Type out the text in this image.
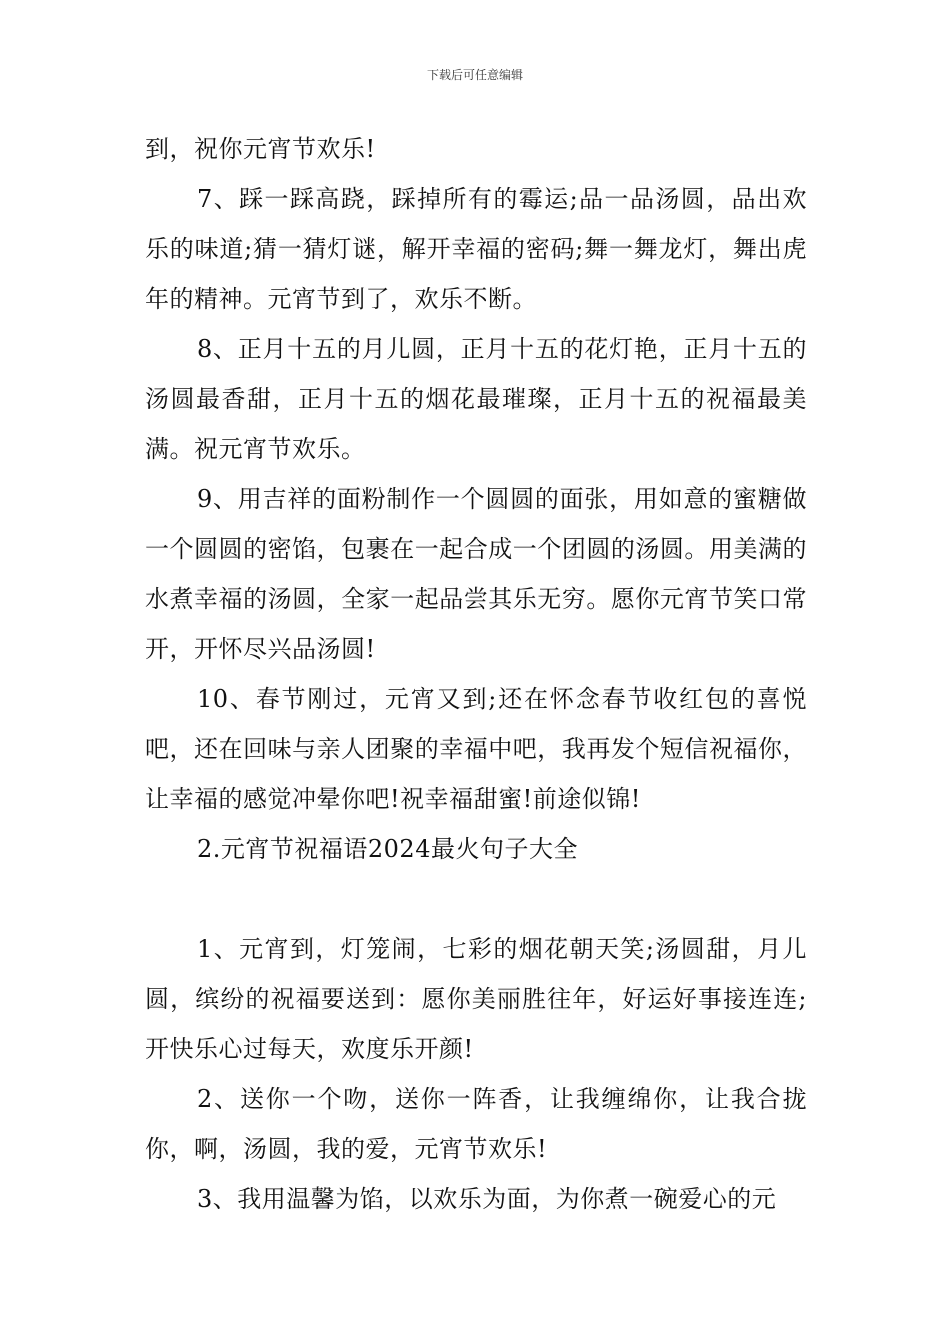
下载后可任意编辑

到，祝你元宵节欢乐!

7、踩一踩高跷，踩掉所有的霉运;品一品汤圆，品出欢乐的味道;猜一猜灯谜，解开幸福的密码;舞一舞龙灯，舞出虎年的精神。元宵节到了，欢乐不断。

8、正月十五的月儿圆，正月十五的花灯艳，正月十五的汤圆最香甜，正月十五的烟花最璀璨，正月十五的祝福最美满。祝元宵节欢乐。

9、用吉祥的面粉制作一个圆圆的面张，用如意的蜜糖做一个圆圆的密馅，包裹在一起合成一个团圆的汤圆。用美满的水煮幸福的汤圆，全家一起品尝其乐无穷。愿你元宵节笑口常开，开怀尽兴品汤圆!

10、春节刚过，元宵又到;还在怀念春节收红包的喜悦吧，还在回味与亲人团聚的幸福中吧，我再发个短信祝福你，让幸福的感觉冲晕你吧!祝幸福甜蜜!前途似锦!

2.元宵节祝福语2024最火句子大全

1、元宵到，灯笼闹，七彩的烟花朝天笑;汤圆甜，月儿圆，缤纷的祝福要送到：愿你美丽胜往年，好运好事接连连;开快乐心过每天，欢度乐开颜!

2、送你一个吻，送你一阵香，让我缠绵你，让我合拢你，啊，汤圆，我的爱，元宵节欢乐!

3、我用温馨为馅，以欢乐为面，为你煮一碗爱心的元
